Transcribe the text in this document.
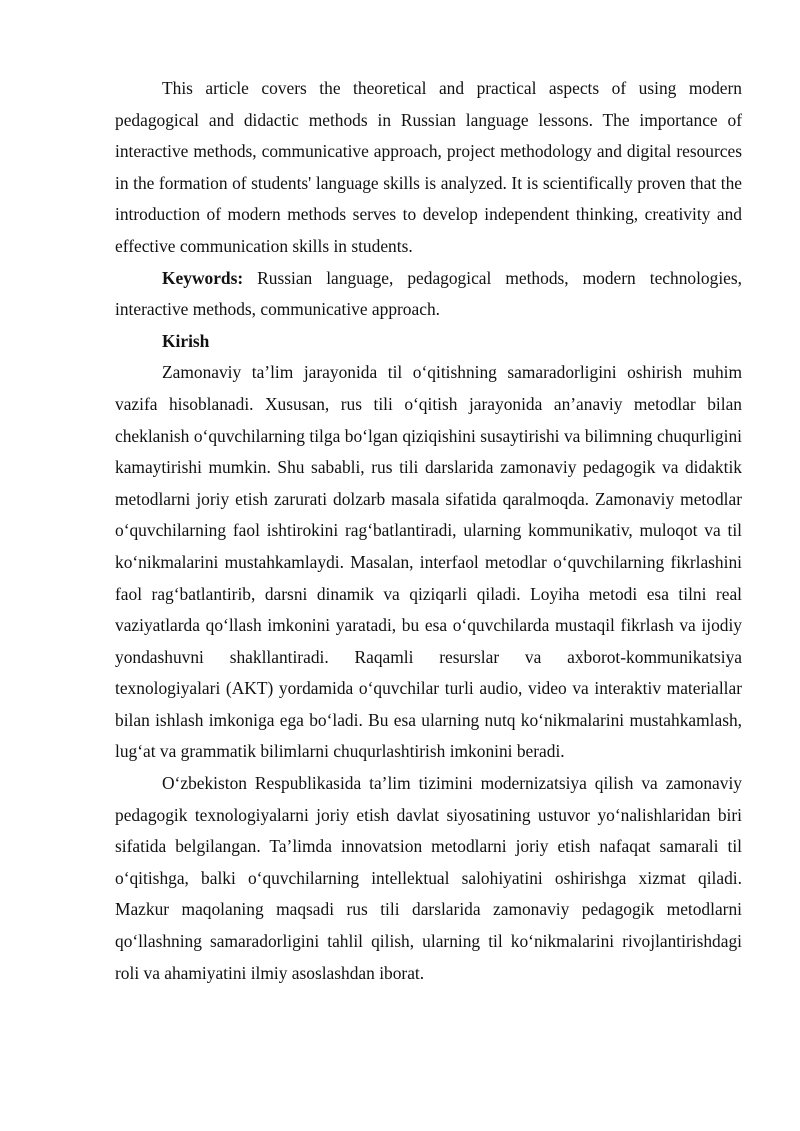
This article covers the theoretical and practical aspects of using modern pedagogical and didactic methods in Russian language lessons. The importance of interactive methods, communicative approach, project methodology and digital resources in the formation of students' language skills is analyzed. It is scientifically proven that the introduction of modern methods serves to develop independent thinking, creativity and effective communication skills in students.

Keywords: Russian language, pedagogical methods, modern technologies, interactive methods, communicative approach.

Kirish

Zamonaviy ta’lim jarayonida til o‘qitishning samaradorligini oshirish muhim vazifa hisoblanadi. Xususan, rus tili o‘qitish jarayonida an’anaviy metodlar bilan cheklanish o‘quvchilarning tilga bo‘lgan qiziqishini susaytirishi va bilimning chuqurligini kamaytirishi mumkin. Shu sababli, rus tili darslarida zamonaviy pedagogik va didaktik metodlarni joriy etish zarurati dolzarb masala sifatida qaralmoqda. Zamonaviy metodlar o‘quvchilarning faol ishtirokini rag‘batlantiradi, ularning kommunikativ, muloqot va til ko‘nikmalarini mustahkamlaydi. Masalan, interfaol metodlar o‘quvchilarning fikrlashini faol rag‘batlantirib, darsni dinamik va qiziqarli qiladi. Loyiha metodi esa tilni real vaziyatlarda qo‘llash imkonini yaratadi, bu esa o‘quvchilarda mustaqil fikrlash va ijodiy yondashuvni shakllantiradi. Raqamli resurslar va axborot-kommunikatsiya texnologiyalari (AKT) yordamida o‘quvchilar turli audio, video va interaktiv materiallar bilan ishlash imkoniga ega bo‘ladi. Bu esa ularning nutq ko‘nikmalarini mustahkamlash, lug‘at va grammatik bilimlarni chuqurlashtirish imkonini beradi.

O‘zbekiston Respublikasida ta’lim tizimini modernizatsiya qilish va zamonaviy pedagogik texnologiyalarni joriy etish davlat siyosatining ustuvor yo‘nalishlaridan biri sifatida belgilangan. Ta’limda innovatsion metodlarni joriy etish nafaqat samarali til o‘qitishga, balki o‘quvchilarning intellektual salohiyatini oshirishga xizmat qiladi. Mazkur maqolaning maqsadi rus tili darslarida zamonaviy pedagogik metodlarni qo‘llashning samaradorligini tahlil qilish, ularning til ko‘nikmalarini rivojlantirishdagi roli va ahamiyatini ilmiy asoslashdan iborat.
